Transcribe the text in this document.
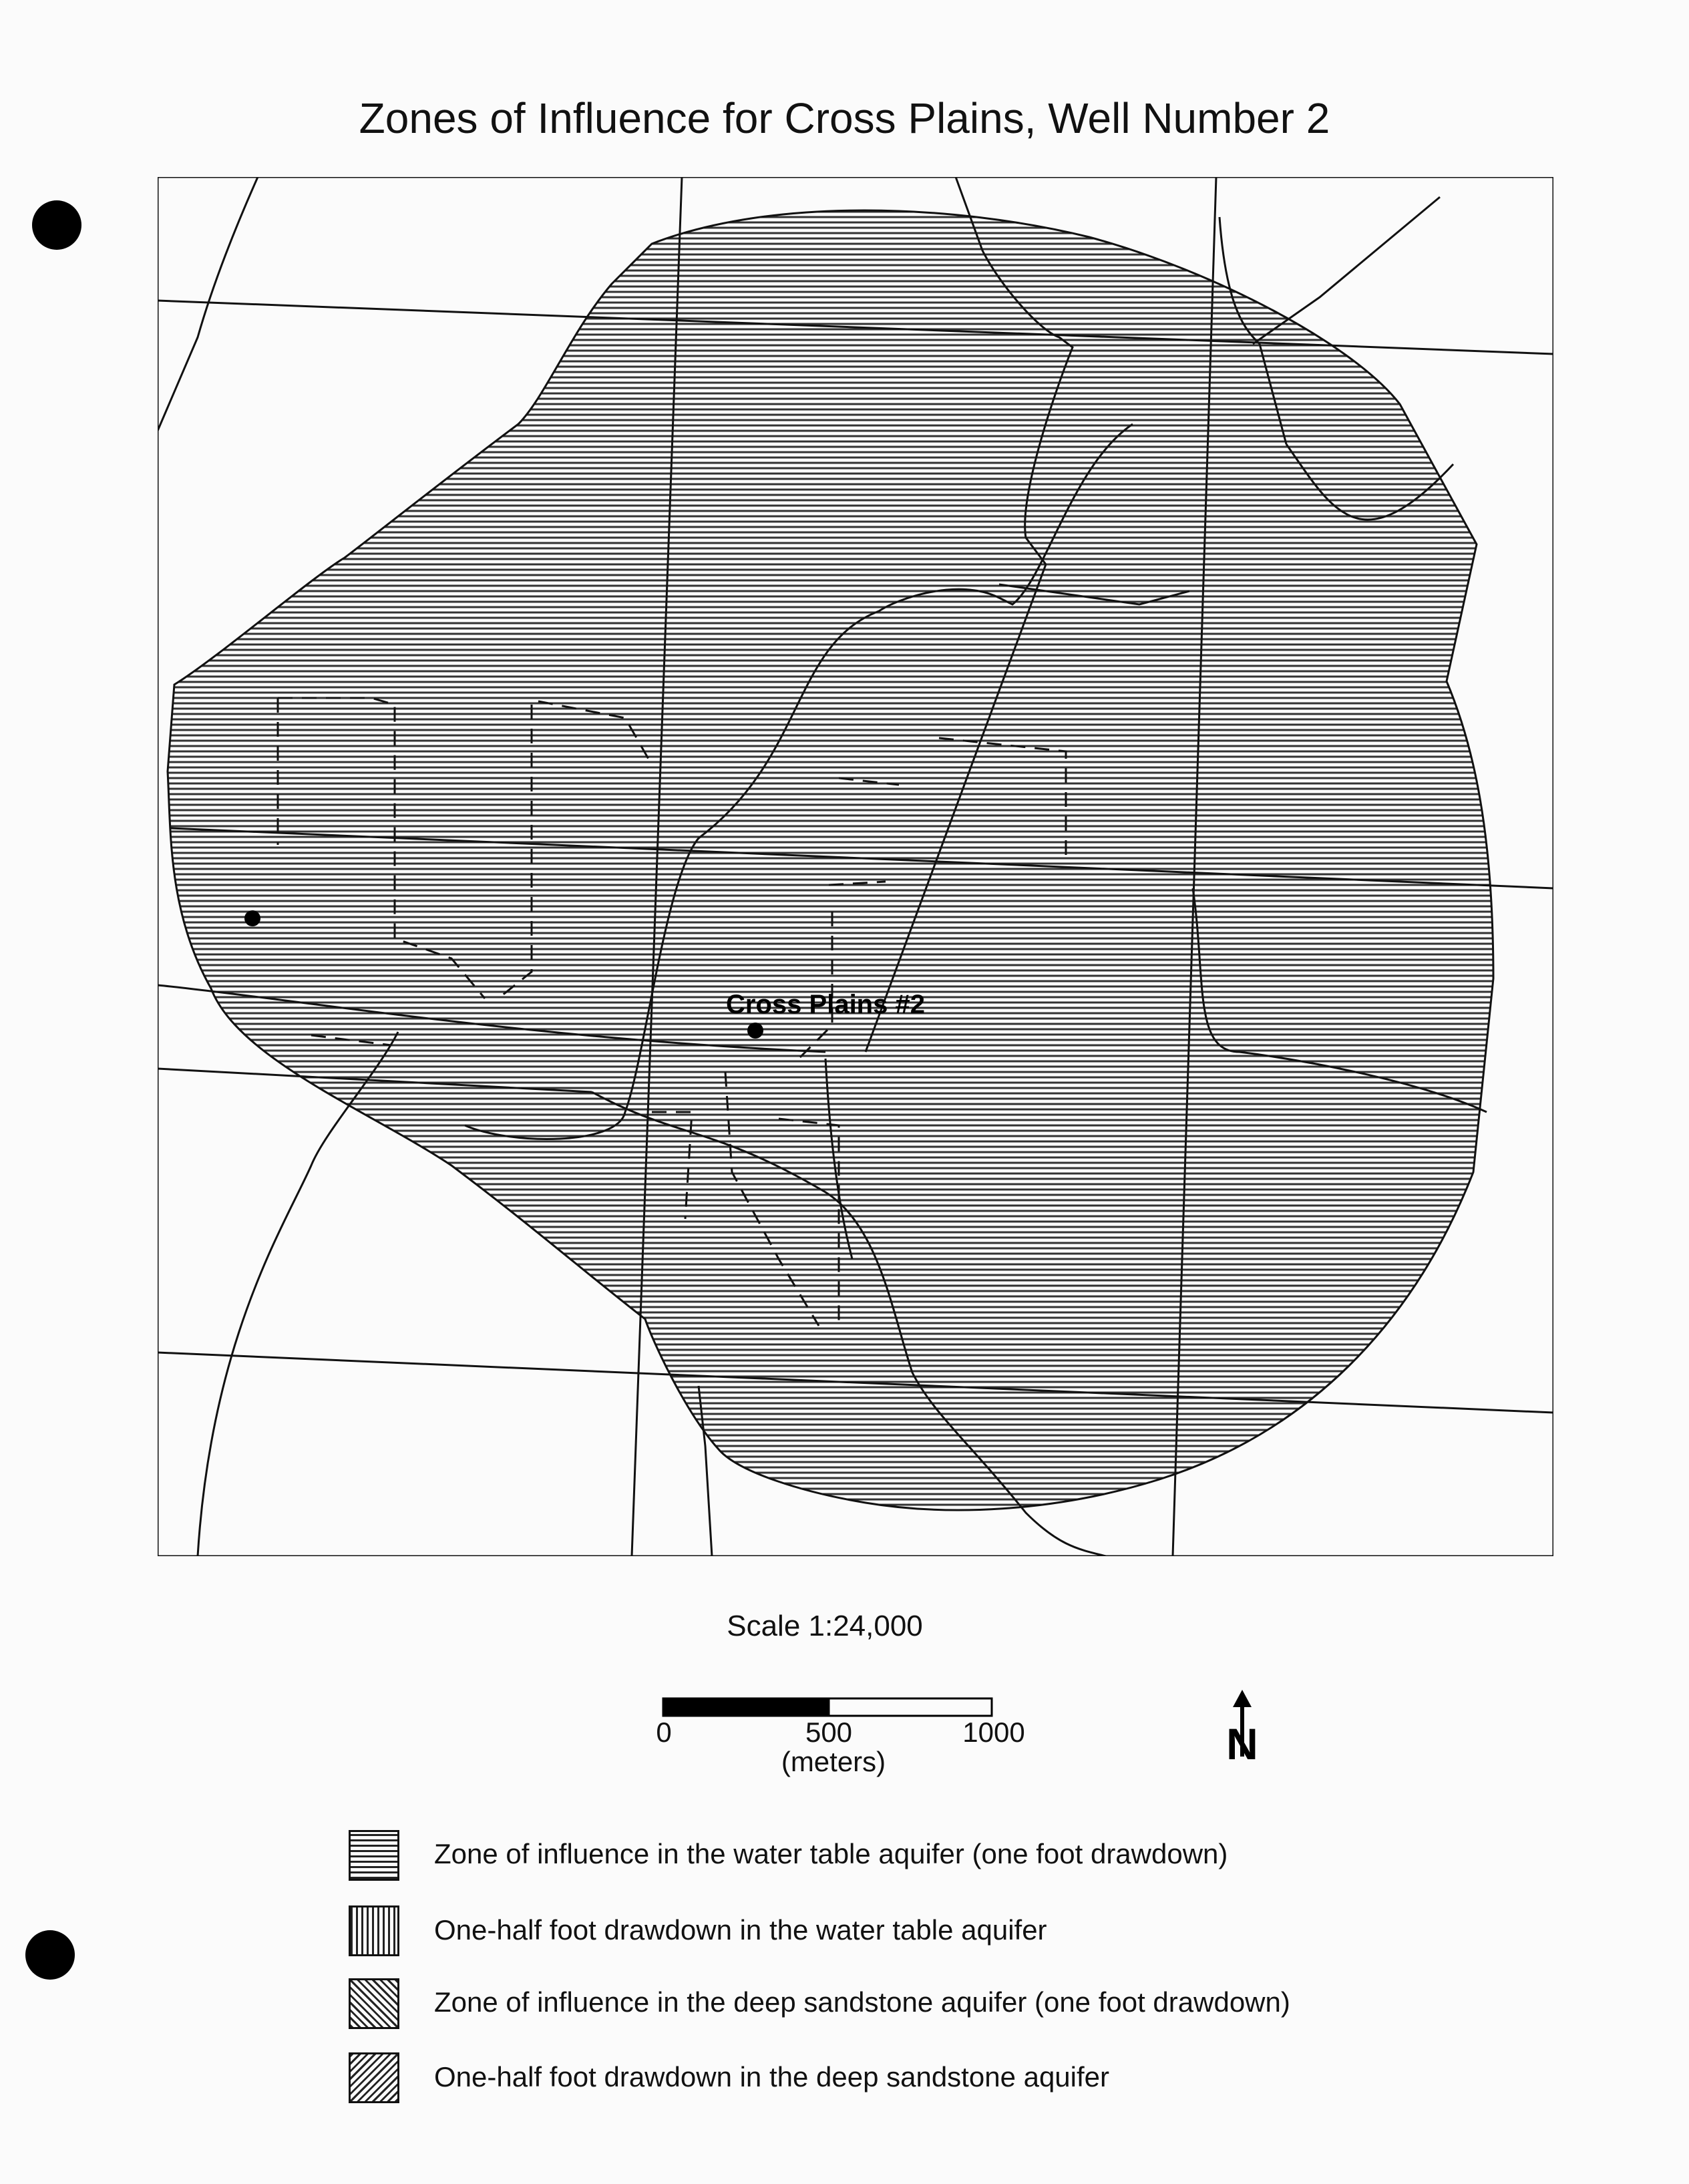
Zones of Influence for Cross Plains, Well Number 2
Cross Plains #2
Scale 1:24,000
0	500	1000
(meters)	N
Zone of influence in the water table aquifer (one foot drawdown)
One-half foot drawdown in the water table aquifer
Zone of influence in the deep sandstone aquifer (one foot drawdown)
One-half foot drawdown in the deep sandstone aquifer
